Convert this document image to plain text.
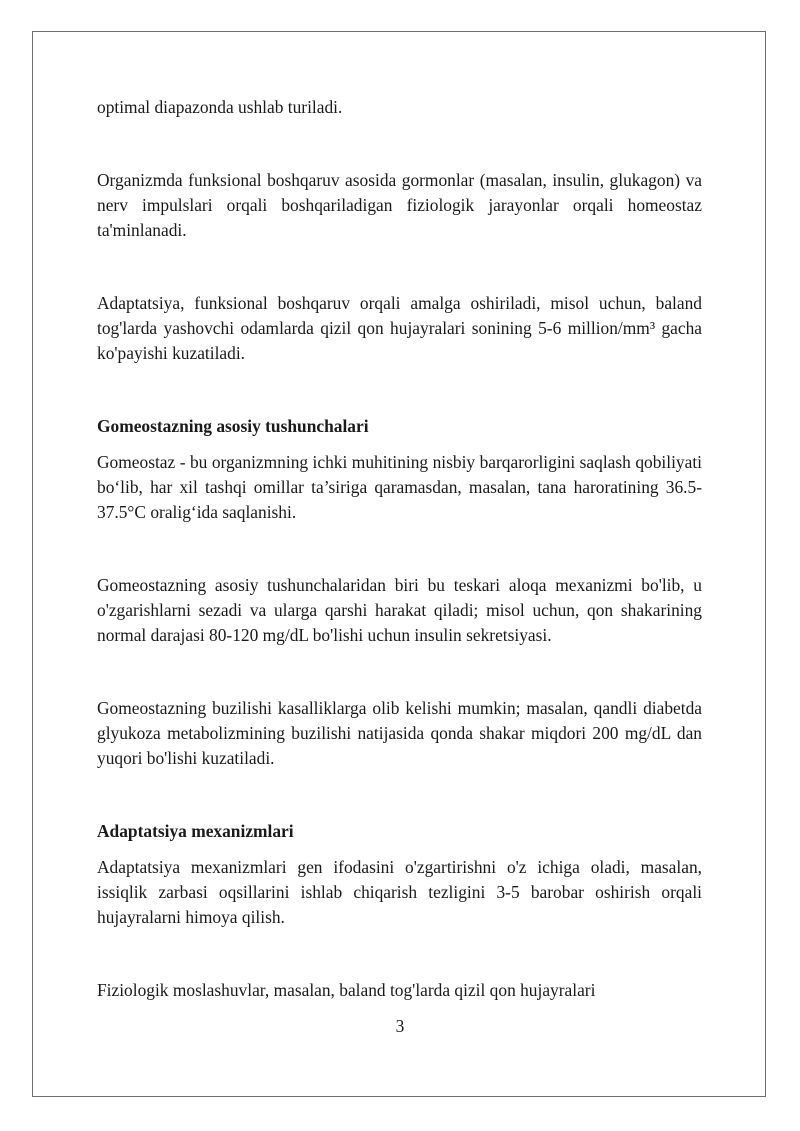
optimal diapazonda ushlab turiladi.

Organizmda funksional boshqaruv asosida gormonlar (masalan, insulin, glukagon) va nerv impulslari orqali boshqariladigan fiziologik jarayonlar orqali homeostaz ta'minlanadi.

Adaptatsiya, funksional boshqaruv orqali amalga oshiriladi, misol uchun, baland tog'larda yashovchi odamlarda qizil qon hujayralari sonining 5-6 million/mm³ gacha ko'payishi kuzatiladi.

Gomeostazning asosiy tushunchalari

Gomeostaz - bu organizmning ichki muhitining nisbiy barqarorligini saqlash qobiliyati bo‘lib, har xil tashqi omillar ta’siriga qaramasdan, masalan, tana haroratining 36.5-37.5°C oralig‘ida saqlanishi.

Gomeostazning asosiy tushunchalaridan biri bu teskari aloqa mexanizmi bo'lib, u o'zgarishlarni sezadi va ularga qarshi harakat qiladi; misol uchun, qon shakarining normal darajasi 80-120 mg/dL bo'lishi uchun insulin sekretsiyasi.

Gomeostazning buzilishi kasalliklarga olib kelishi mumkin; masalan, qandli diabetda glyukoza metabolizmining buzilishi natijasida qonda shakar miqdori 200 mg/dL dan yuqori bo'lishi kuzatiladi.

Adaptatsiya mexanizmlari

Adaptatsiya mexanizmlari gen ifodasini o'zgartirishni o'z ichiga oladi, masalan, issiqlik zarbasi oqsillarini ishlab chiqarish tezligini 3-5 barobar oshirish orqali hujayralarni himoya qilish.

Fiziologik moslashuvlar, masalan, baland tog'larda qizil qon hujayralari

3
